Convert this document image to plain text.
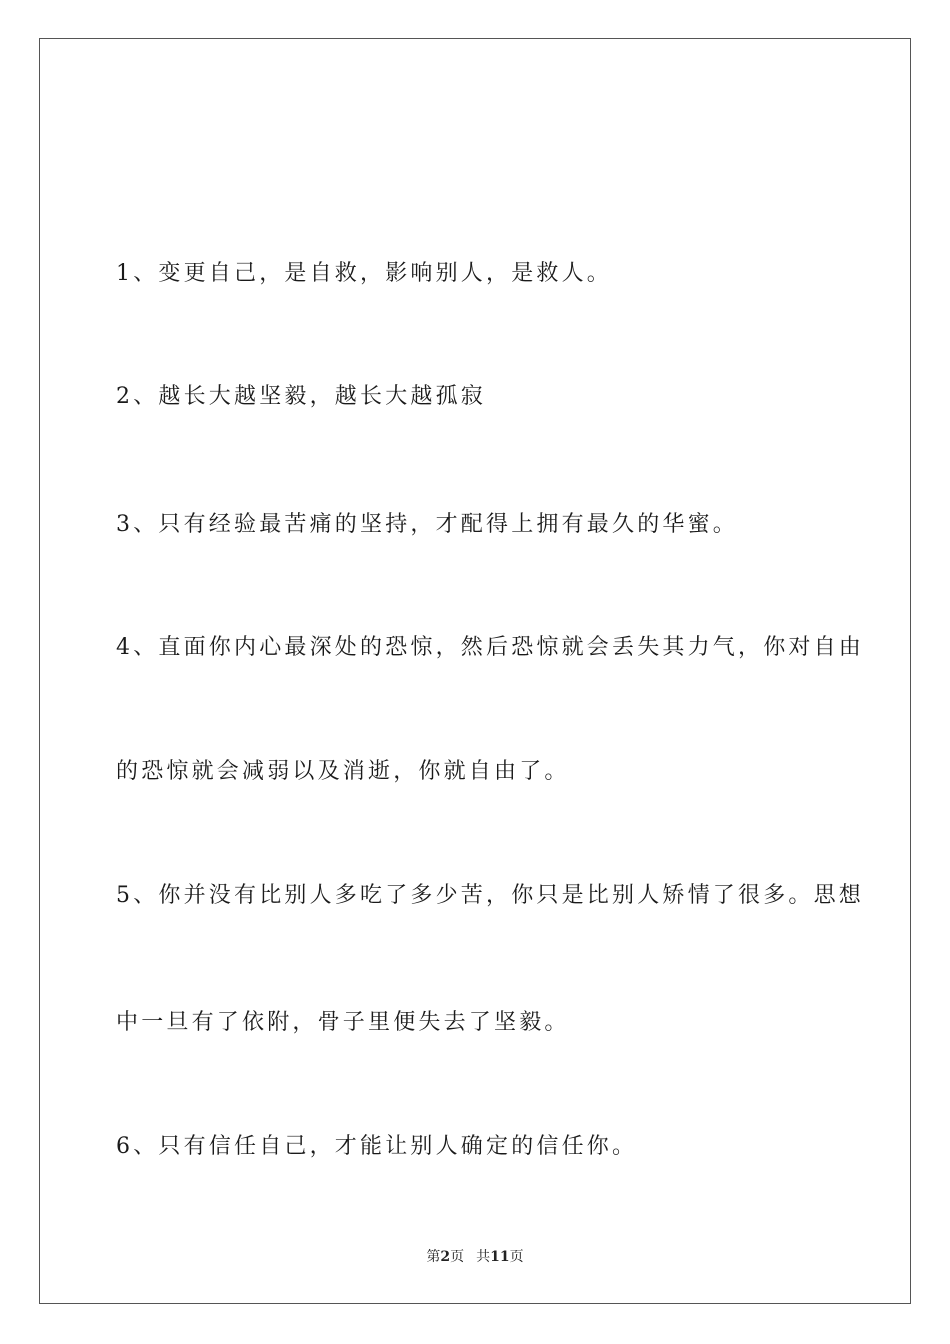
1、变更自己，是自救，影响别人，是救人。
2、越长大越坚毅，越长大越孤寂
3、只有经验最苦痛的坚持，才配得上拥有最久的华蜜。
4、直面你内心最深处的恐惊，然后恐惊就会丢失其力气，你对自由
的恐惊就会减弱以及消逝，你就自由了。
5、你并没有比别人多吃了多少苦，你只是比别人矫情了很多。思想
中一旦有了依附，骨子里便失去了坚毅。
6、只有信任自己，才能让别人确定的信任你。
第2页 共11页
